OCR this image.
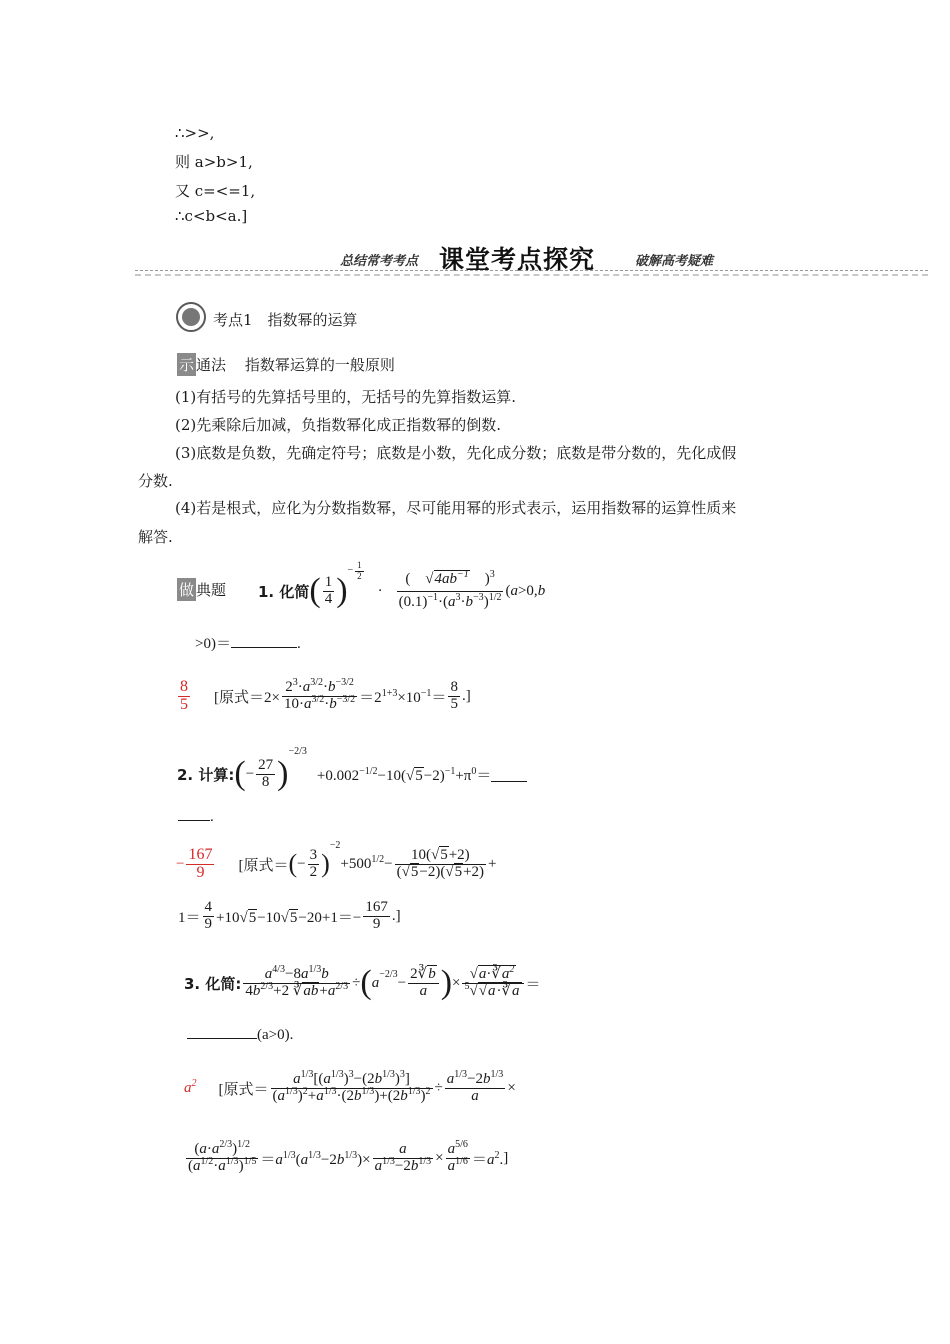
∴>>,
则 a>b>1,
又 c=<=1,
∴c<b<a.]
总结常考考点 课堂考点探究	破解高考疑难
考点1　指数幂的运算
示 通法 指数幂运算的一般原则
(1)有括号的先算括号里的，无括号的先算指数运算.
(2)先乘除后加减，负指数幂化成正指数幂的倒数.
(3)底数是负数，先确定符号；底数是小数，先化成分数；底数是带分数的，先化成假
分数.
(4)若是根式，应化为分数指数幂，尽可能用幂的形式表示，运用指数幂的运算性质来
解答.
做 典题 1. 化简 ( $\frac{1}{4}$ )
$^{- \frac{1}{2}}$
· $\frac{( √4ab^{-1} )^3}{(0.1)^{-1}\cdot(a^3\cdot b^{-3})^{1/2}} (a>0,b$
>0)＝	.
$\frac{8}{5}$ [原式$=2\times \frac{2^3\cdot a^{3/2}\cdot b^{-3/2}}{10\cdot a^{3/2}\cdot b^{-3/2}} =2^{1+3}\times 10^{-1}= \frac{8}{5}$ . ]
2. 计算: ( − $\frac{27}{8}$ )
$^{-2/3}$
$+0.002^{-1/2}-10(√5-2)^{-1}+\pi^0=$
.
− $\frac{167}{9}$ [原式＝ ( − $\frac{3}{2}$ )
$^{-2}$
$+500^{1/2}- \frac{10(√5+2)}{(√5-2)(√5+2)}$ +
$1= \frac{4}{9} +10√5-10√5-20+1=- \frac{167}{9}$ . ]
3. 化简: $\frac{a^{4/3}-8a^{1/3}b}{4b^{2/3}+2 ∛ab+a^{2/3}}$ ÷ ( $a^{-2/3} - \frac{2∛b}{a}$ ) × $\frac{√a\cdot∛a^2}{^5√√a\cdot∛a}$ ＝
(a>0).
$a^2$ [原式＝ $\frac{a^{1/3}[(a^{1/3})^3-(2b^{1/3})^3]}{(a^{1/3})^2+a^{1/3}\cdot(2b^{1/3})+(2b^{1/3})^2} \div \frac{a^{1/3}-2b^{1/3}}{a}$ ×
$\frac{(a\cdot a^{2/3})^{1/2}}{(a^{1/2}\cdot a^{1/3})^{1/5}} =a^{1/3}(a^{1/3}-2b^{1/3})\times \frac{a}{a^{1/3}-2b^{1/3}} \times \frac{a^{5/6}}{a^{1/6}} =a^2$. ]
